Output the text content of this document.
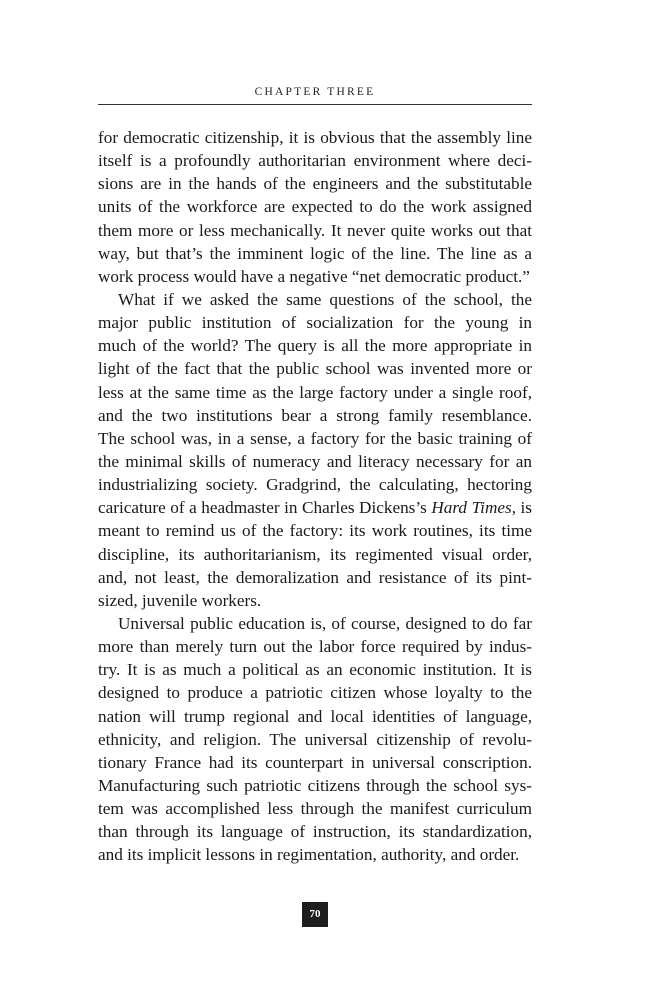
CHAPTER THREE
for democratic citizenship, it is obvious that the assembly line
itself is a profoundly authoritarian environment where deci-
sions are in the hands of the engineers and the substitutable
units of the workforce are expected to do the work assigned
them more or less mechanically. It never quite works out that
way, but that’s the imminent logic of the line. The line as a
work process would have a negative “net democratic product.”
What if we asked the same questions of the school, the
major public institution of socialization for the young in
much of the world? The query is all the more appropriate in
light of the fact that the public school was invented more or
less at the same time as the large factory under a single roof,
and the two institutions bear a strong family resemblance.
The school was, in a sense, a factory for the basic training of
the minimal skills of numeracy and literacy necessary for an
industrializing society. Gradgrind, the calculating, hectoring
caricature of a headmaster in Charles Dickens’s Hard Times, is
meant to remind us of the factory: its work routines, its time
discipline, its authoritarianism, its regimented visual order,
and, not least, the demoralization and resistance of its pint-
sized, juvenile workers.
Universal public education is, of course, designed to do far
more than merely turn out the labor force required by indus-
try. It is as much a political as an economic institution. It is
designed to produce a patriotic citizen whose loyalty to the
nation will trump regional and local identities of language,
ethnicity, and religion. The universal citizenship of revolu-
tionary France had its counterpart in universal conscription.
Manufacturing such patriotic citizens through the school sys-
tem was accomplished less through the manifest curriculum
than through its language of instruction, its standardization,
and its implicit lessons in regimentation, authority, and order.
70
